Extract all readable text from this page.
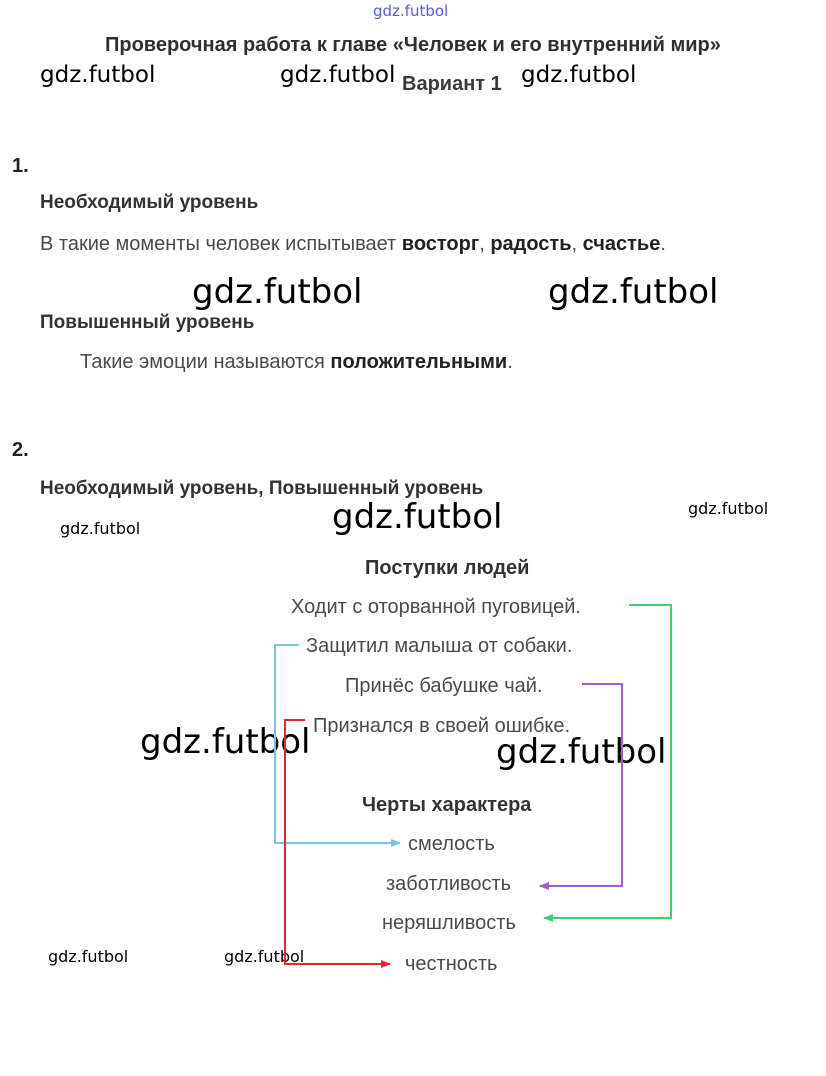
gdz.futbol
Проверочная работа к главе «Человек и его внутренний мир»
Вариант 1
gdz.futbol	gdz.futbol	gdz.futbol
gdz.futbol	gdz.futbol
gdz.futbol	gdz.futbol	gdz.futbol
gdz.futbol	gdz.futbol
gdz.futbol	gdz.futbol
1.
Необходимый уровень
В такие моменты человек испытывает восторг, радость, счастье.
Повышенный уровень
Такие эмоции называются положительными.
2.
Необходимый уровень, Повышенный уровень
Поступки людей
Ходит с оторванной пуговицей.
Защитил малыша от собаки.
Принёс бабушке чай.
Признался в своей ошибке.
Черты характера
смелость
заботливость
неряшливость
честность
